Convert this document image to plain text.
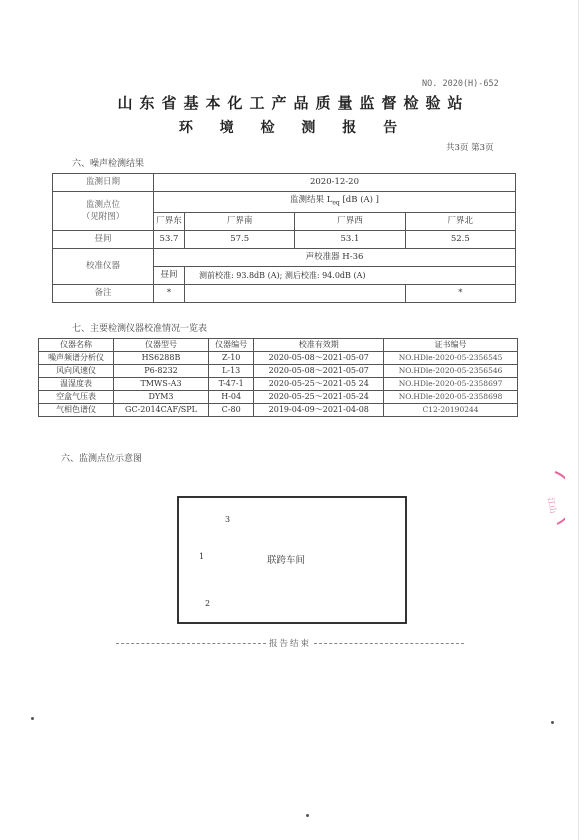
NO. 2020(H)-652
山东省基本化工产品质量监督检验站
环 境 检 测 报 告
共3页 第3页
六、噪声检测结果
监测日期	2020-12-20			
监测点位
（见附图）	监测结果 $L_{eq}$ [dB (A) ]			
	厂界东	厂界南	厂界西	厂界北
昼间	53.7	57.5	53.1	52.5
校准仪器	声校准器 H-36			
	昼间	测前校准: 93.8dB (A); 测后校准: 94.0dB (A)		
备注	*			*
七、主要检测仪器校准情况一览表
仪器名称	仪器型号	仪器编号	校准有效期	证书编号
噪声频谱分析仪	HS6288B	Z-10	2020-05-08～2021-05-07	NO.HDle-2020-05-2356545
风向风速仪	P6-8232	L-13	2020-05-08～2021-05-07	NO.HDle-2020-05-2356546
温湿度表	TMWS-A3	T-47-1	2020-05-25～2021-05 24	NO.HDle-2020-05-2358697
空盒气压表	DYM3	H-04	2020-05-25～2021-05-24	NO.HDle-2020-05-2358698
气相色谱仪	GC-2014CAF/SPL	C-80	2019-04-09～2021-04-08	C12-20190244
六、监测点位示意图
3
1
2
联跨车间
报告结束
江山
